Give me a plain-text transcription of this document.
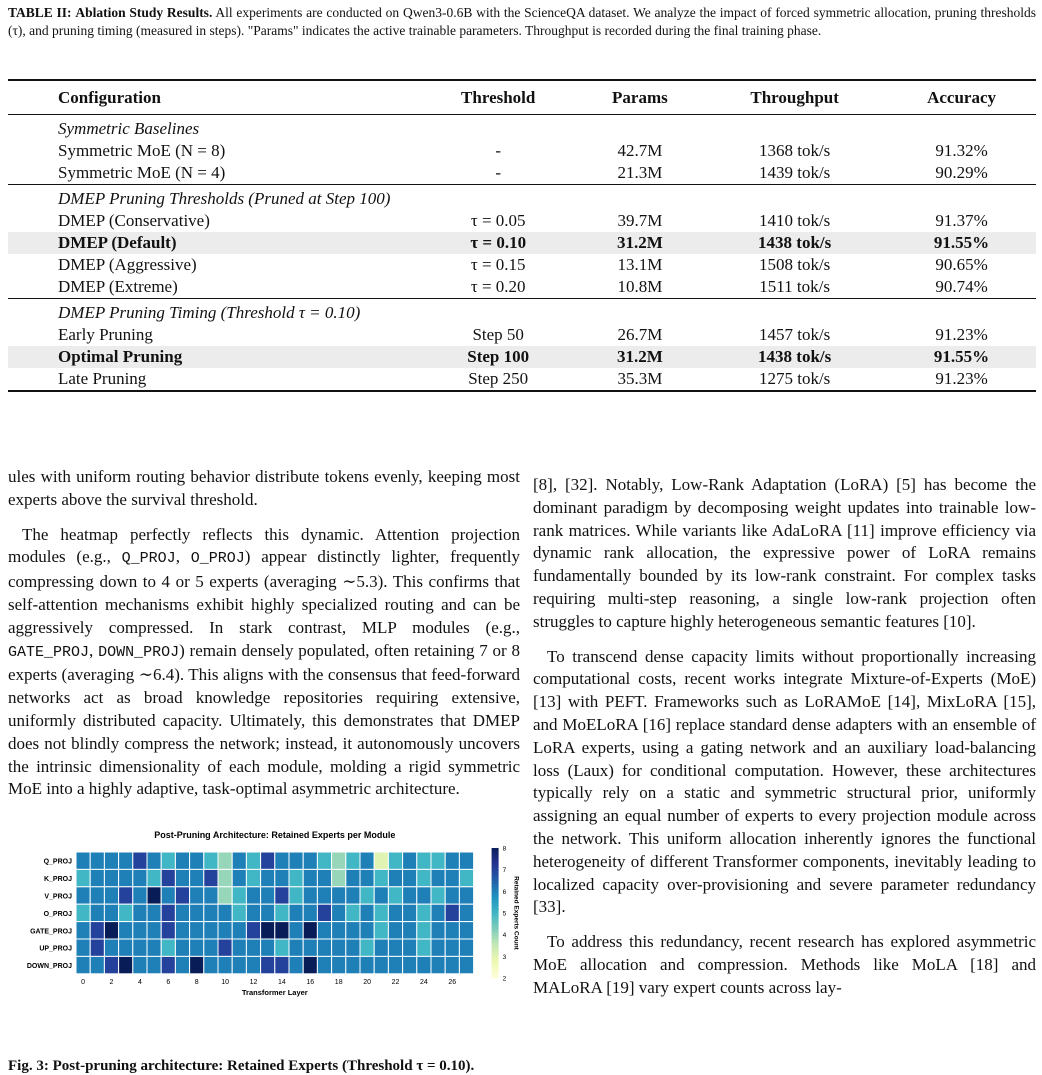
TABLE II: Ablation Study Results. All experiments are conducted on Qwen3-0.6B with the ScienceQA dataset. We analyze the impact of forced symmetric allocation, pruning thresholds (τ), and pruning timing (measured in steps). "Params" indicates the active trainable parameters. Throughput is recorded during the final training phase.
Configuration	Threshold	Params	Throughput	Accuracy
Symmetric Baselines				
Symmetric MoE (N = 8)	-	42.7M	1368 tok/s	91.32%
Symmetric MoE (N = 4)	-	21.3M	1439 tok/s	90.29%
DMEP Pruning Thresholds (Pruned at Step 100)				
DMEP (Conservative)	τ = 0.05	39.7M	1410 tok/s	91.37%
DMEP (Default)	τ = 0.10	31.2M	1438 tok/s	91.55%
DMEP (Aggressive)	τ = 0.15	13.1M	1508 tok/s	90.65%
DMEP (Extreme)	τ = 0.20	10.8M	1511 tok/s	90.74%
DMEP Pruning Timing (Threshold τ = 0.10)				
Early Pruning	Step 50	26.7M	1457 tok/s	91.23%
Optimal Pruning	Step 100	31.2M	1438 tok/s	91.55%
Late Pruning	Step 250	35.3M	1275 tok/s	91.23%

ules with uniform routing behavior distribute tokens evenly, keeping most experts above the survival threshold.

The heatmap perfectly reflects this dynamic. Attention projection modules (e.g., Q_PROJ, O_PROJ) appear distinctly lighter, frequently compressing down to 4 or 5 experts (averaging ∼5.3). This confirms that self-attention mechanisms exhibit highly specialized routing and can be aggressively compressed. In stark contrast, MLP modules (e.g., GATE_PROJ, DOWN_PROJ) remain densely populated, often retaining 7 or 8 experts (averaging ∼6.4). This aligns with the consensus that feed-forward networks act as broad knowledge repositories requiring extensive, uniformly distributed capacity. Ultimately, this demonstrates that DMEP does not blindly compress the network; instead, it autonomously uncovers the intrinsic dimensionality of each module, molding a rigid symmetric MoE into a highly adaptive, task-optimal asymmetric architecture.

[8], [32]. Notably, Low-Rank Adaptation (LoRA) [5] has become the dominant paradigm by decomposing weight updates into trainable low-rank matrices. While variants like AdaLoRA [11] improve efficiency via dynamic rank allocation, the expressive power of LoRA remains fundamentally bounded by its low-rank constraint. For complex tasks requiring multi-step reasoning, a single low-rank projection often struggles to capture highly heterogeneous semantic features [10].

To transcend dense capacity limits without proportionally increasing computational costs, recent works integrate Mixture-of-Experts (MoE) [13] with PEFT. Frameworks such as LoRAMoE [14], MixLoRA [15], and MoELoRA [16] replace standard dense adapters with an ensemble of LoRA experts, using a gating network and an auxiliary load-balancing loss (Laux) for conditional computation. However, these architectures typically rely on a static and symmetric structural prior, uniformly assigning an equal number of experts to every projection module across the network. This uniform allocation inherently ignores the functional heterogeneity of different Transformer components, inevitably leading to localized capacity over-provisioning and severe parameter redundancy [33].

To address this redundancy, recent research has explored asymmetric MoE allocation and compression. Methods like MoLA [18] and MALoRA [19] vary expert counts across lay-

Post-Pruning Architecture: Retained Experts per Module
Q_PROJ
K_PROJ
V_PROJ
O_PROJ
GATE_PROJ
UP_PROJ
DOWN_PROJ
0	2	4	6	8	10	12	14	16	18	20	22	24	26
Transformer Layer
2
3
4
5
6
7
8
Retained Experts Count
Fig. 3: Post-pruning architecture: Retained Experts (Threshold τ = 0.10).
